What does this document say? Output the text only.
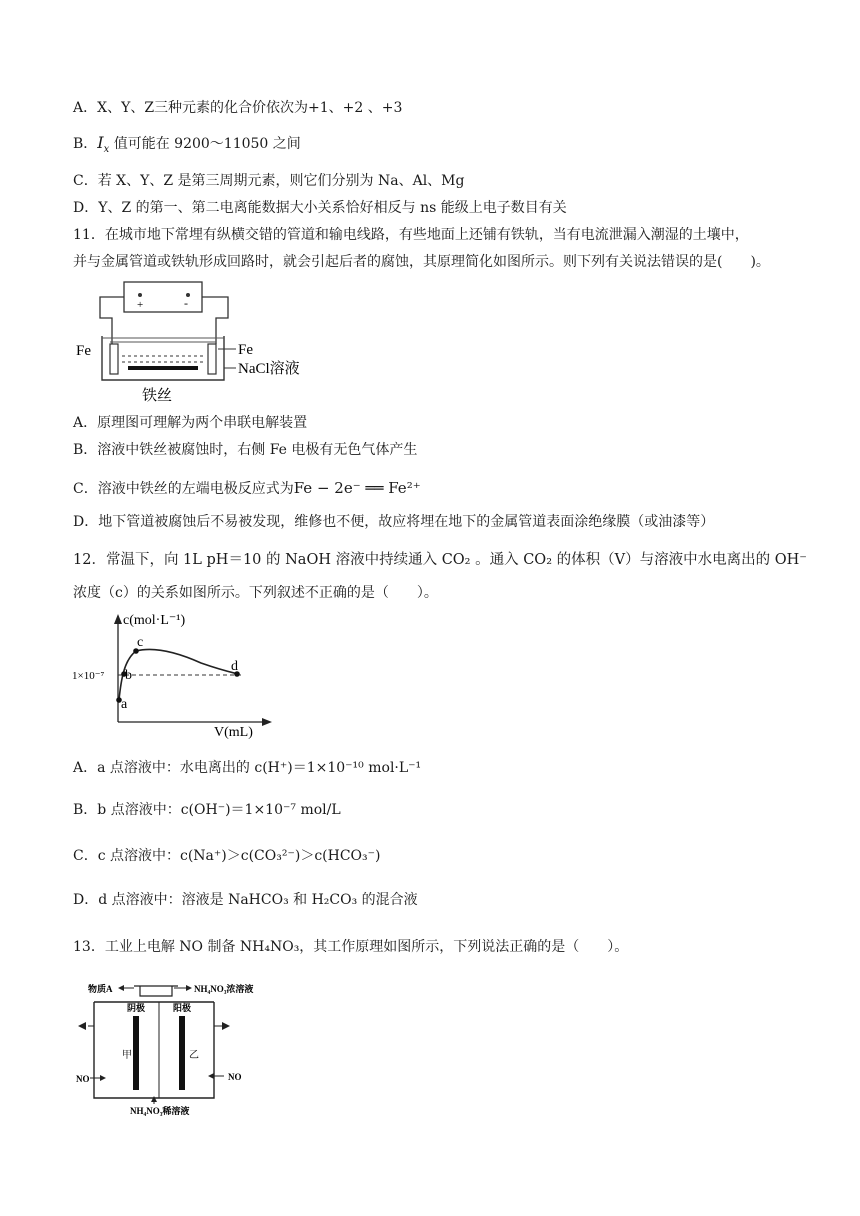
A．X、Y、Z三种元素的化合价依次为+1、+2 、+3
B．$I_x$ 值可能在 9200～11050 之间
C．若 X、Y、Z 是第三周期元素，则它们分别为 Na、Al、Mg
D．Y、Z 的第一、第二电离能数据大小关系恰好相反与 ns 能级上电子数目有关
11．在城市地下常埋有纵横交错的管道和输电线路，有些地面上还铺有铁轨，当有电流泄漏入潮湿的土壤中，
并与金属管道或铁轨形成回路时，就会引起后者的腐蚀，其原理简化如图所示。则下列有关说法错误的是(　　)。
+	-
Fe	Fe
NaCl溶液
铁丝
A．原理图可理解为两个串联电解装置
B．溶液中铁丝被腐蚀时，右侧 Fe 电极有无色气体产生
C．溶液中铁丝的左端电极反应式为Fe − 2e⁻ ══ Fe²⁺
D．地下管道被腐蚀后不易被发现，维修也不便，故应将埋在地下的金属管道表面涂绝缘膜（或油漆等）
12．常温下，向 1L pH＝10 的 NaOH 溶液中持续通入 CO₂ 。通入 CO₂ 的体积（V）与溶液中水电离出的 OH⁻
浓度（c）的关系如图所示。下列叙述不正确的是（　　）。
c(mol·L⁻¹)
V(mL)
1×10⁻⁷
a
b
c
d
A．a 点溶液中：水电离出的 c(H⁺)＝1×10⁻¹⁰ mol·L⁻¹
B．b 点溶液中：c(OH⁻)＝1×10⁻⁷ mol/L
C．c 点溶液中：c(Na⁺)＞c(CO₃²⁻)＞c(HCO₃⁻)
D．d 点溶液中：溶液是 NaHCO₃ 和 H₂CO₃ 的混合液
13．工业上电解 NO 制备 NH₄NO₃，其工作原理如图所示，下列说法正确的是（　　）。
物质A	NH₄NO₃浓溶液
阴极	阳极
甲	乙
NO	NO
NH₄NO₃稀溶液
